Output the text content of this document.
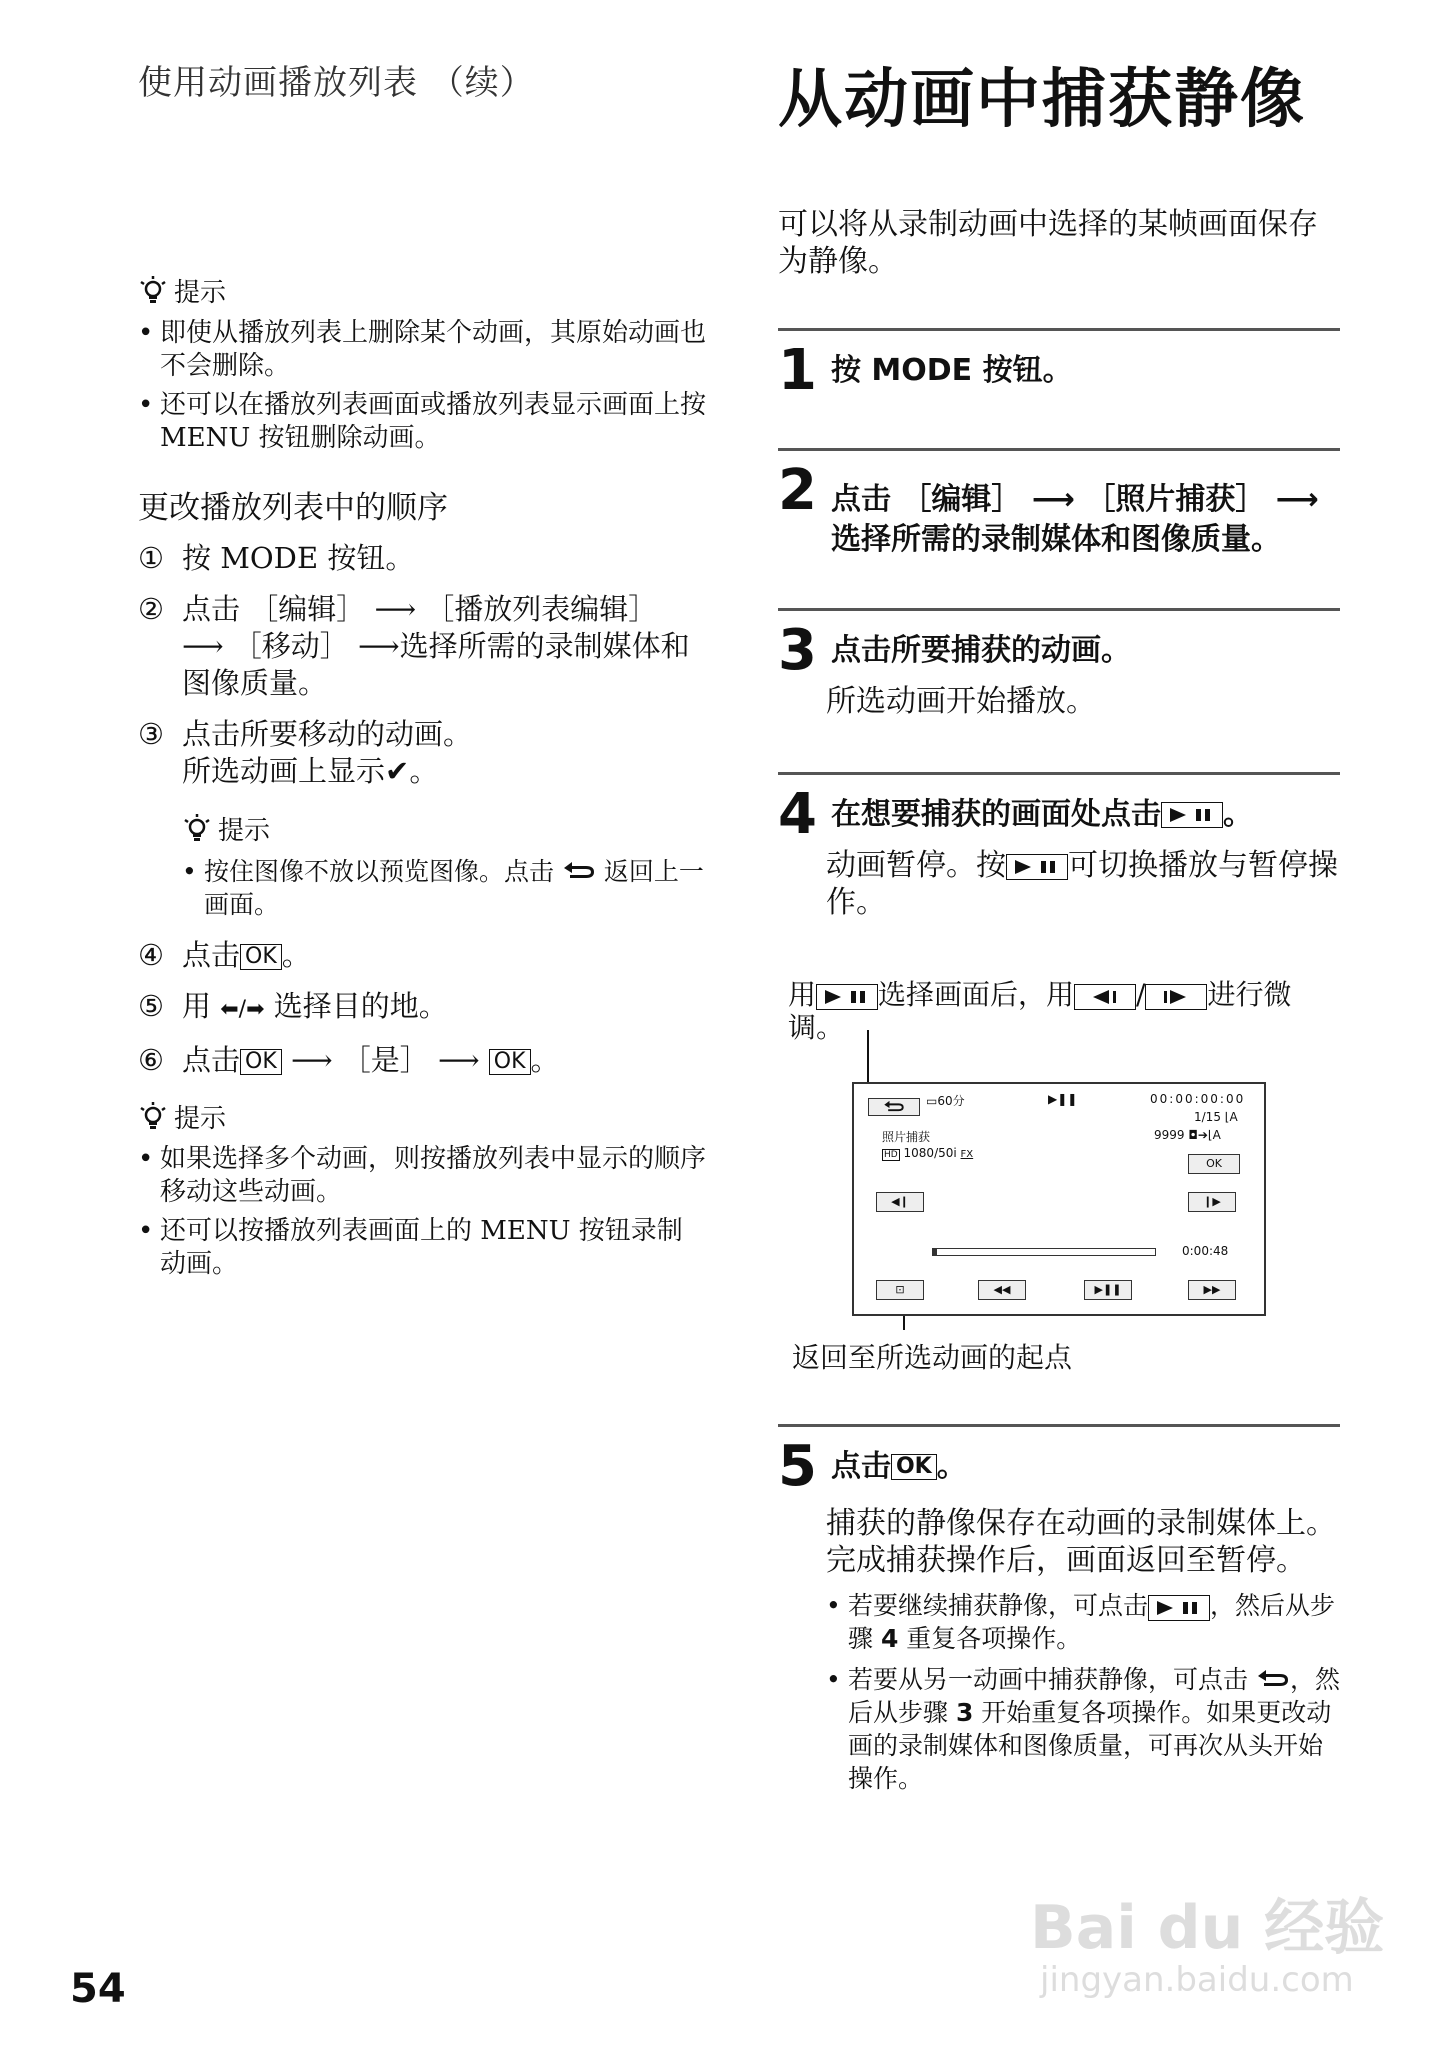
使用动画播放列表 （续）	从动画中捕获静像
提示
• 即使从播放列表上删除某个动画，其原始动画也不会删除。
• 还可以在播放列表画面或播放列表显示画面上按 MENU 按钮删除动画。
更改播放列表中的顺序
① 按 MODE 按钮。
② 点击 ［编辑］ ⟶ ［播放列表编辑］
⟶ ［移动］ ⟶选择所需的录制媒体和图像质量。
③ 点击所要移动的动画。
所选动画上显示✔。
提示
• 按住图像不放以预览图像。点击 返回上一画面。
④ 点击 OK 。
⑤ 用 ⬅/➡ 选择目的地。
⑥ 点击 OK ⟶ ［是］ ⟶ OK 。
提示
• 如果选择多个动画，则按播放列表中显示的顺序移动这些动画。
• 还可以按播放列表画面上的 MENU 按钮录制动画。
可以将从录制动画中选择的某帧画面保存为静像。
1 按 MODE 按钮。
2 点击 ［编辑］ ⟶ ［照片捕获］ ⟶
选择所需的录制媒体和图像质量。
3 点击所要捕获的动画。
所选动画开始播放。
4 在想要捕获的画面处点击 。
动画暂停。按 可切换播放与暂停操作。
用 选择画面后，用 / 进行微调。
▭60分	▶❚❚	00:00:00:00
1/15 ⌊A
照片捕获	9999 ◘➔⌊A
HD 1080/50i FX
OK
◀❙	❙▶
0:00:48
⊡	◀◀	▶❚❚	▶▶
返回至所选动画的起点
5 点击 OK 。
捕获的静像保存在动画的录制媒体上。完成捕获操作后，画面返回至暂停。
• 若要继续捕获静像，可点击 ，然后从步骤 4 重复各项操作。
• 若要从另一动画中捕获静像，可点击 ，然后从步骤 3 开始重复各项操作。如果更改动画的录制媒体和图像质量，可再次从头开始操作。
54
Bai du 经验
jingyan.baidu.com
